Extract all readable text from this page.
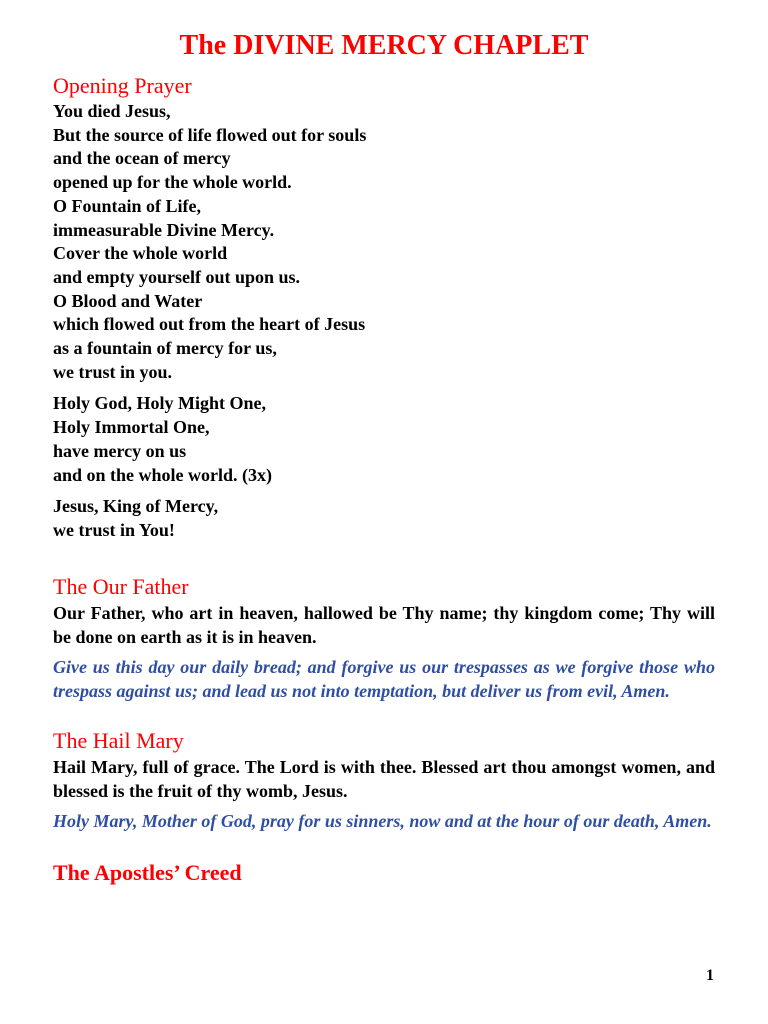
The DIVINE MERCY CHAPLET
Opening Prayer
You died Jesus,
But the source of life flowed out for souls
and the ocean of mercy
opened up for the whole world.
O Fountain of Life,
immeasurable Divine Mercy.
Cover the whole world
and empty yourself out upon us.
O Blood and Water
which flowed out from the heart of Jesus
as a fountain of mercy for us,
we trust in you.
Holy God, Holy Might One,
Holy Immortal One,
have mercy on us
and on the whole world. (3x)
Jesus, King of Mercy,
we trust in You!
The Our Father

Our Father, who art in heaven, hallowed be Thy name; thy kingdom come; Thy will be done on earth as it is in heaven.

Give us this day our daily bread; and forgive us our trespasses as we forgive those who trespass against us; and lead us not into temptation, but deliver us from evil, Amen.

The Hail Mary

Hail Mary, full of grace. The Lord is with thee. Blessed art thou amongst women, and blessed is the fruit of thy womb, Jesus.

Holy Mary, Mother of God, pray for us sinners, now and at the hour of our death, Amen.

The Apostles’ Creed
1
